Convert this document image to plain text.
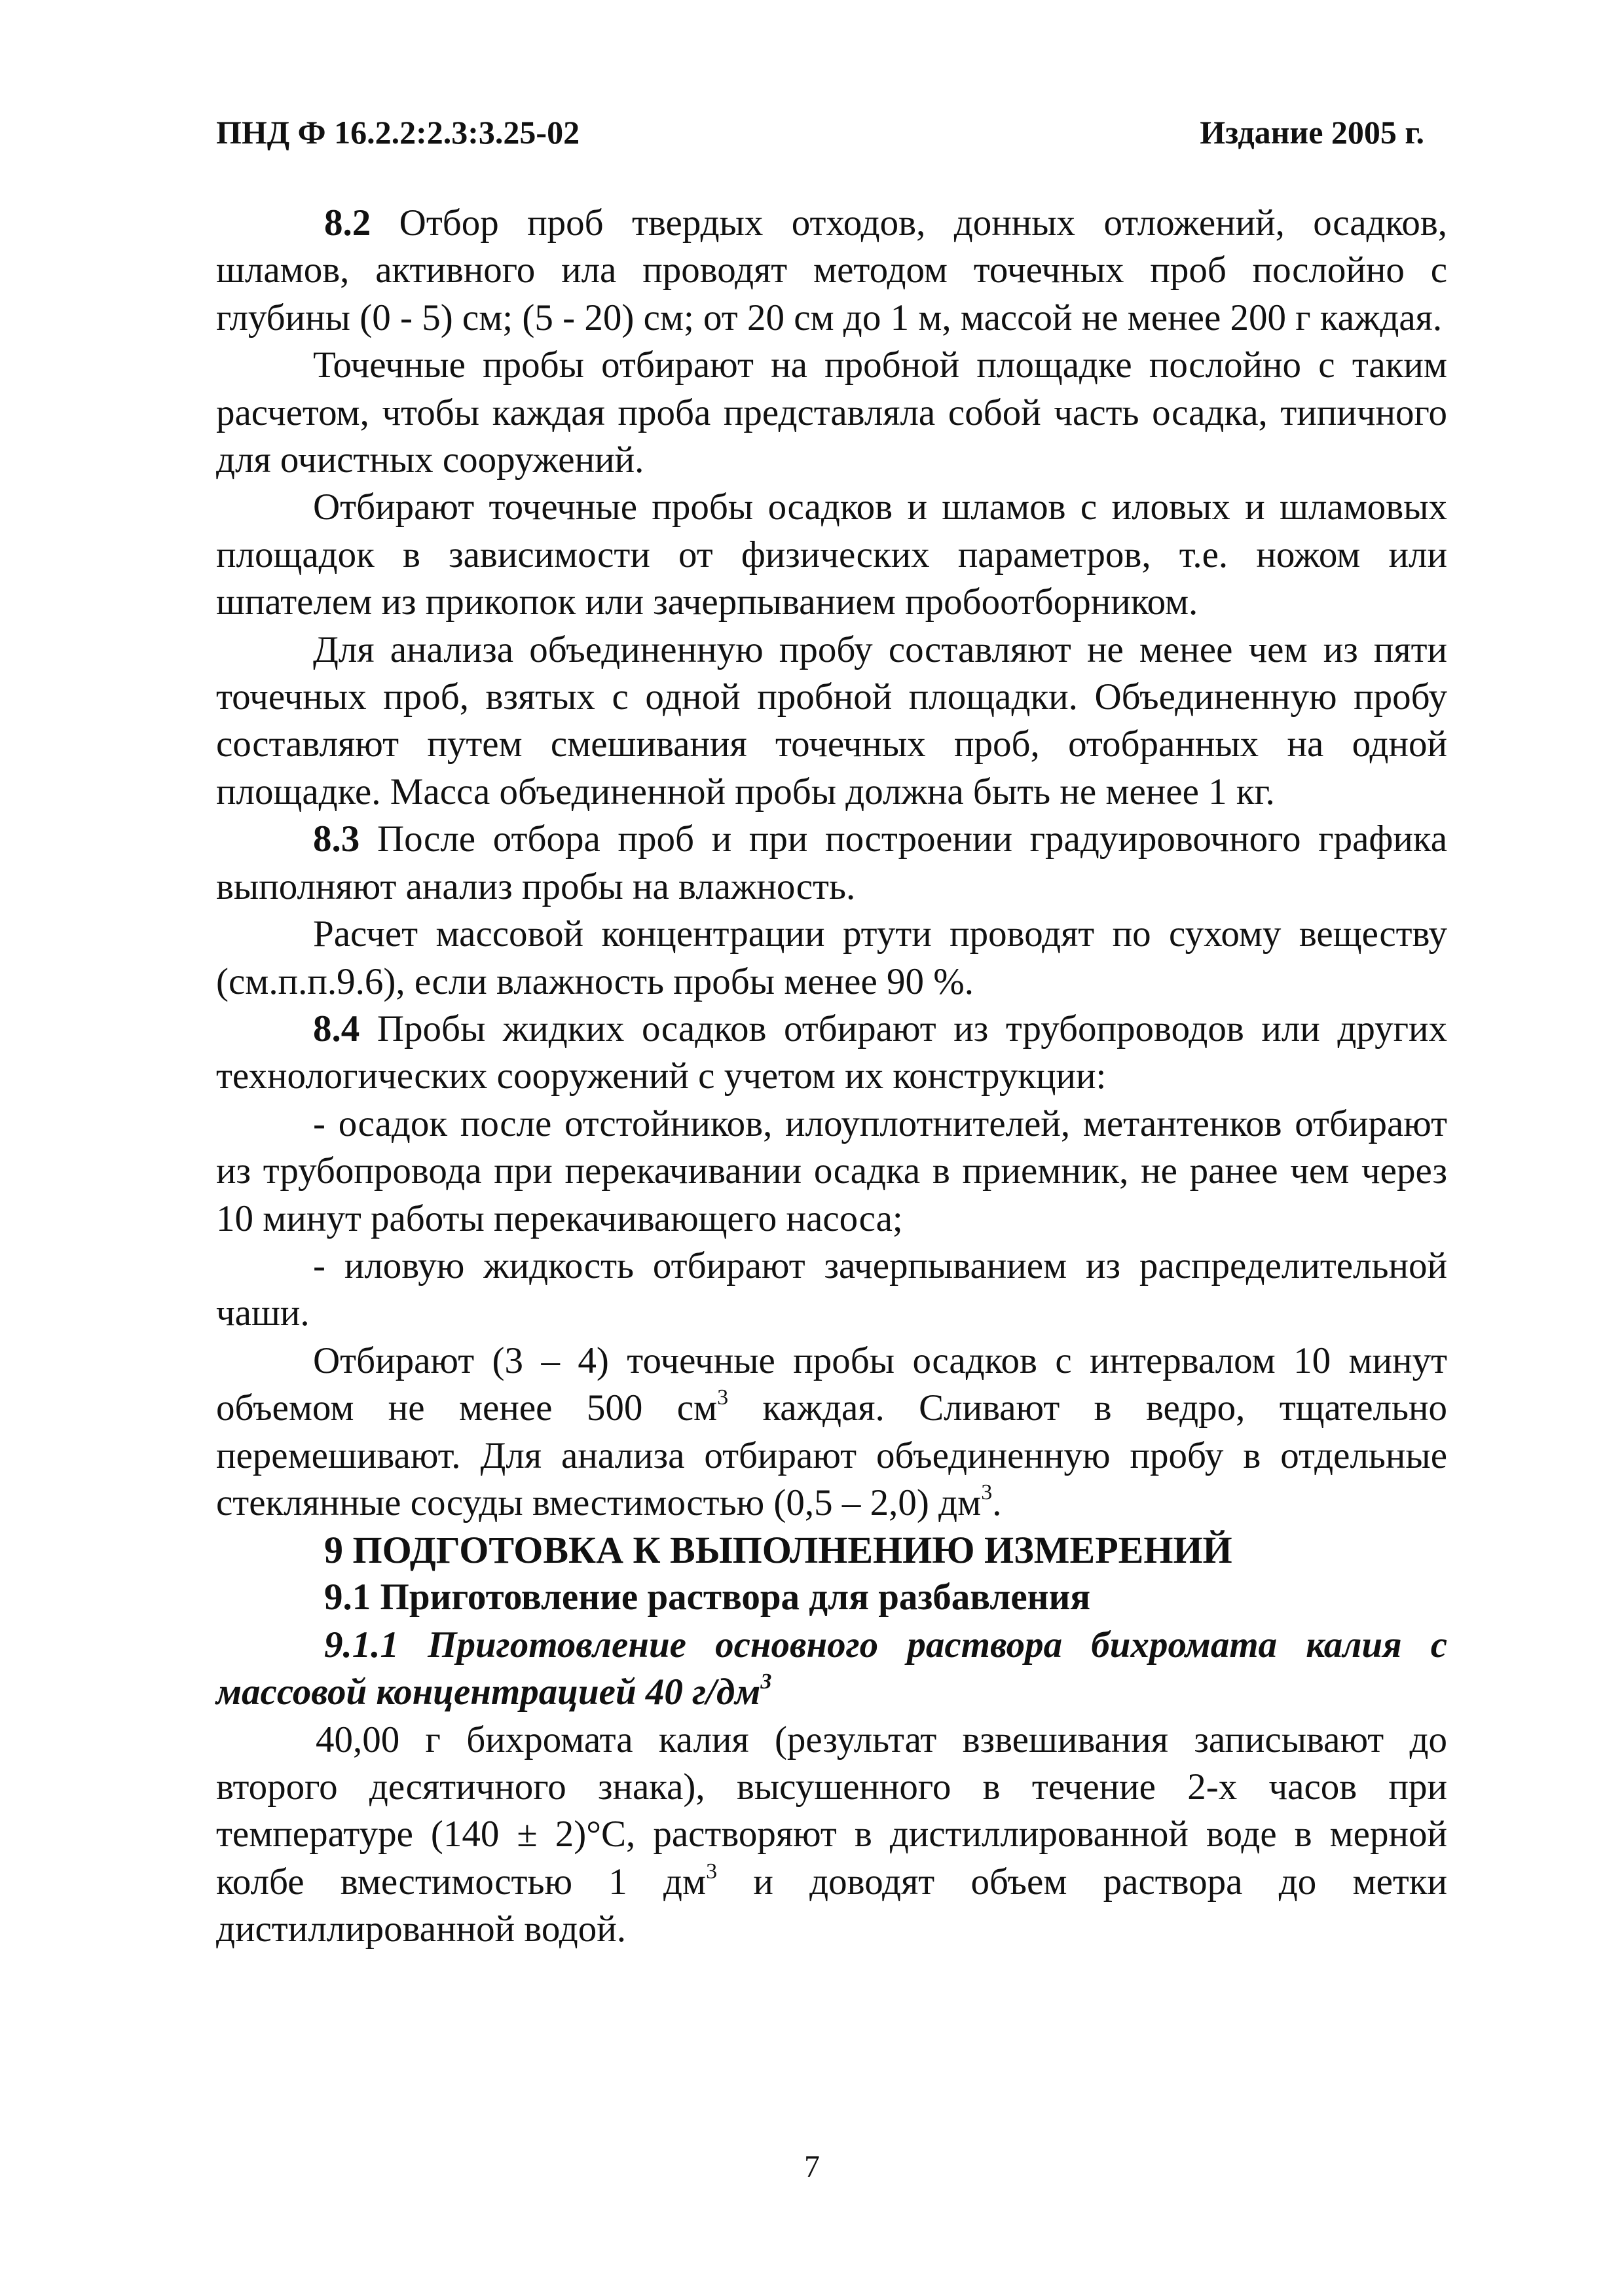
ПНД Ф 16.2.2:2.3:3.25-02	Издание 2005 г.

8.2 Отбор проб твердых отходов, донных отложений, осадков, шламов, активного ила проводят методом точечных проб послойно с глубины (0 - 5) см; (5 - 20) см; от 20 см до 1 м, массой не менее 200 г каждая.

Точечные пробы отбирают на пробной площадке послойно с таким расчетом, чтобы каждая проба представляла собой часть осадка, типичного для очистных сооружений.

Отбирают точечные пробы осадков и шламов с иловых и шламовых площадок в зависимости от физических параметров, т.е. ножом или шпателем из прикопок или зачерпыванием пробоотборником.

Для анализа объединенную пробу составляют не менее чем из пяти точечных проб, взятых с одной пробной площадки. Объединенную пробу составляют путем смешивания точечных проб, отобранных на одной площадке. Масса объединенной пробы должна быть не менее 1 кг.

8.3 После отбора проб и при построении градуировочного графика выполняют анализ пробы на влажность.

Расчет массовой концентрации ртути проводят по сухому веществу (см.п.п.9.6), если влажность пробы менее 90 %.

8.4 Пробы жидких осадков отбирают из трубопроводов или других технологических сооружений с учетом их конструкции:

- осадок после отстойников, илоуплотнителей, метантенков отбирают из трубопровода при перекачивании осадка в приемник, не ранее чем через 10 минут работы перекачивающего насоса;

- иловую жидкость отбирают зачерпыванием из распределительной чаши.

Отбирают (3 – 4) точечные пробы осадков с интервалом 10 минут объемом не менее 500 $см^3$ каждая. Сливают в ведро, тщательно перемешивают. Для анализа отбирают объединенную пробу в отдельные стеклянные сосуды вместимостью (0,5 – 2,0) $дм^3$.

9 ПОДГОТОВКА К ВЫПОЛНЕНИЮ ИЗМЕРЕНИЙ

9.1 Приготовление раствора для разбавления

9.1.1 Приготовление основного раствора бихромата калия с массовой концентрацией 40 $г/дм^3$

40,00 г бихромата калия (результат взвешивания записывают до второго десятичного знака), высушенного в течение 2-х часов при температуре (140 ± 2)°С, растворяют в дистиллированной воде в мерной колбе вместимостью 1 $дм^3$ и доводят объем раствора до метки дистиллированной водой.

7
